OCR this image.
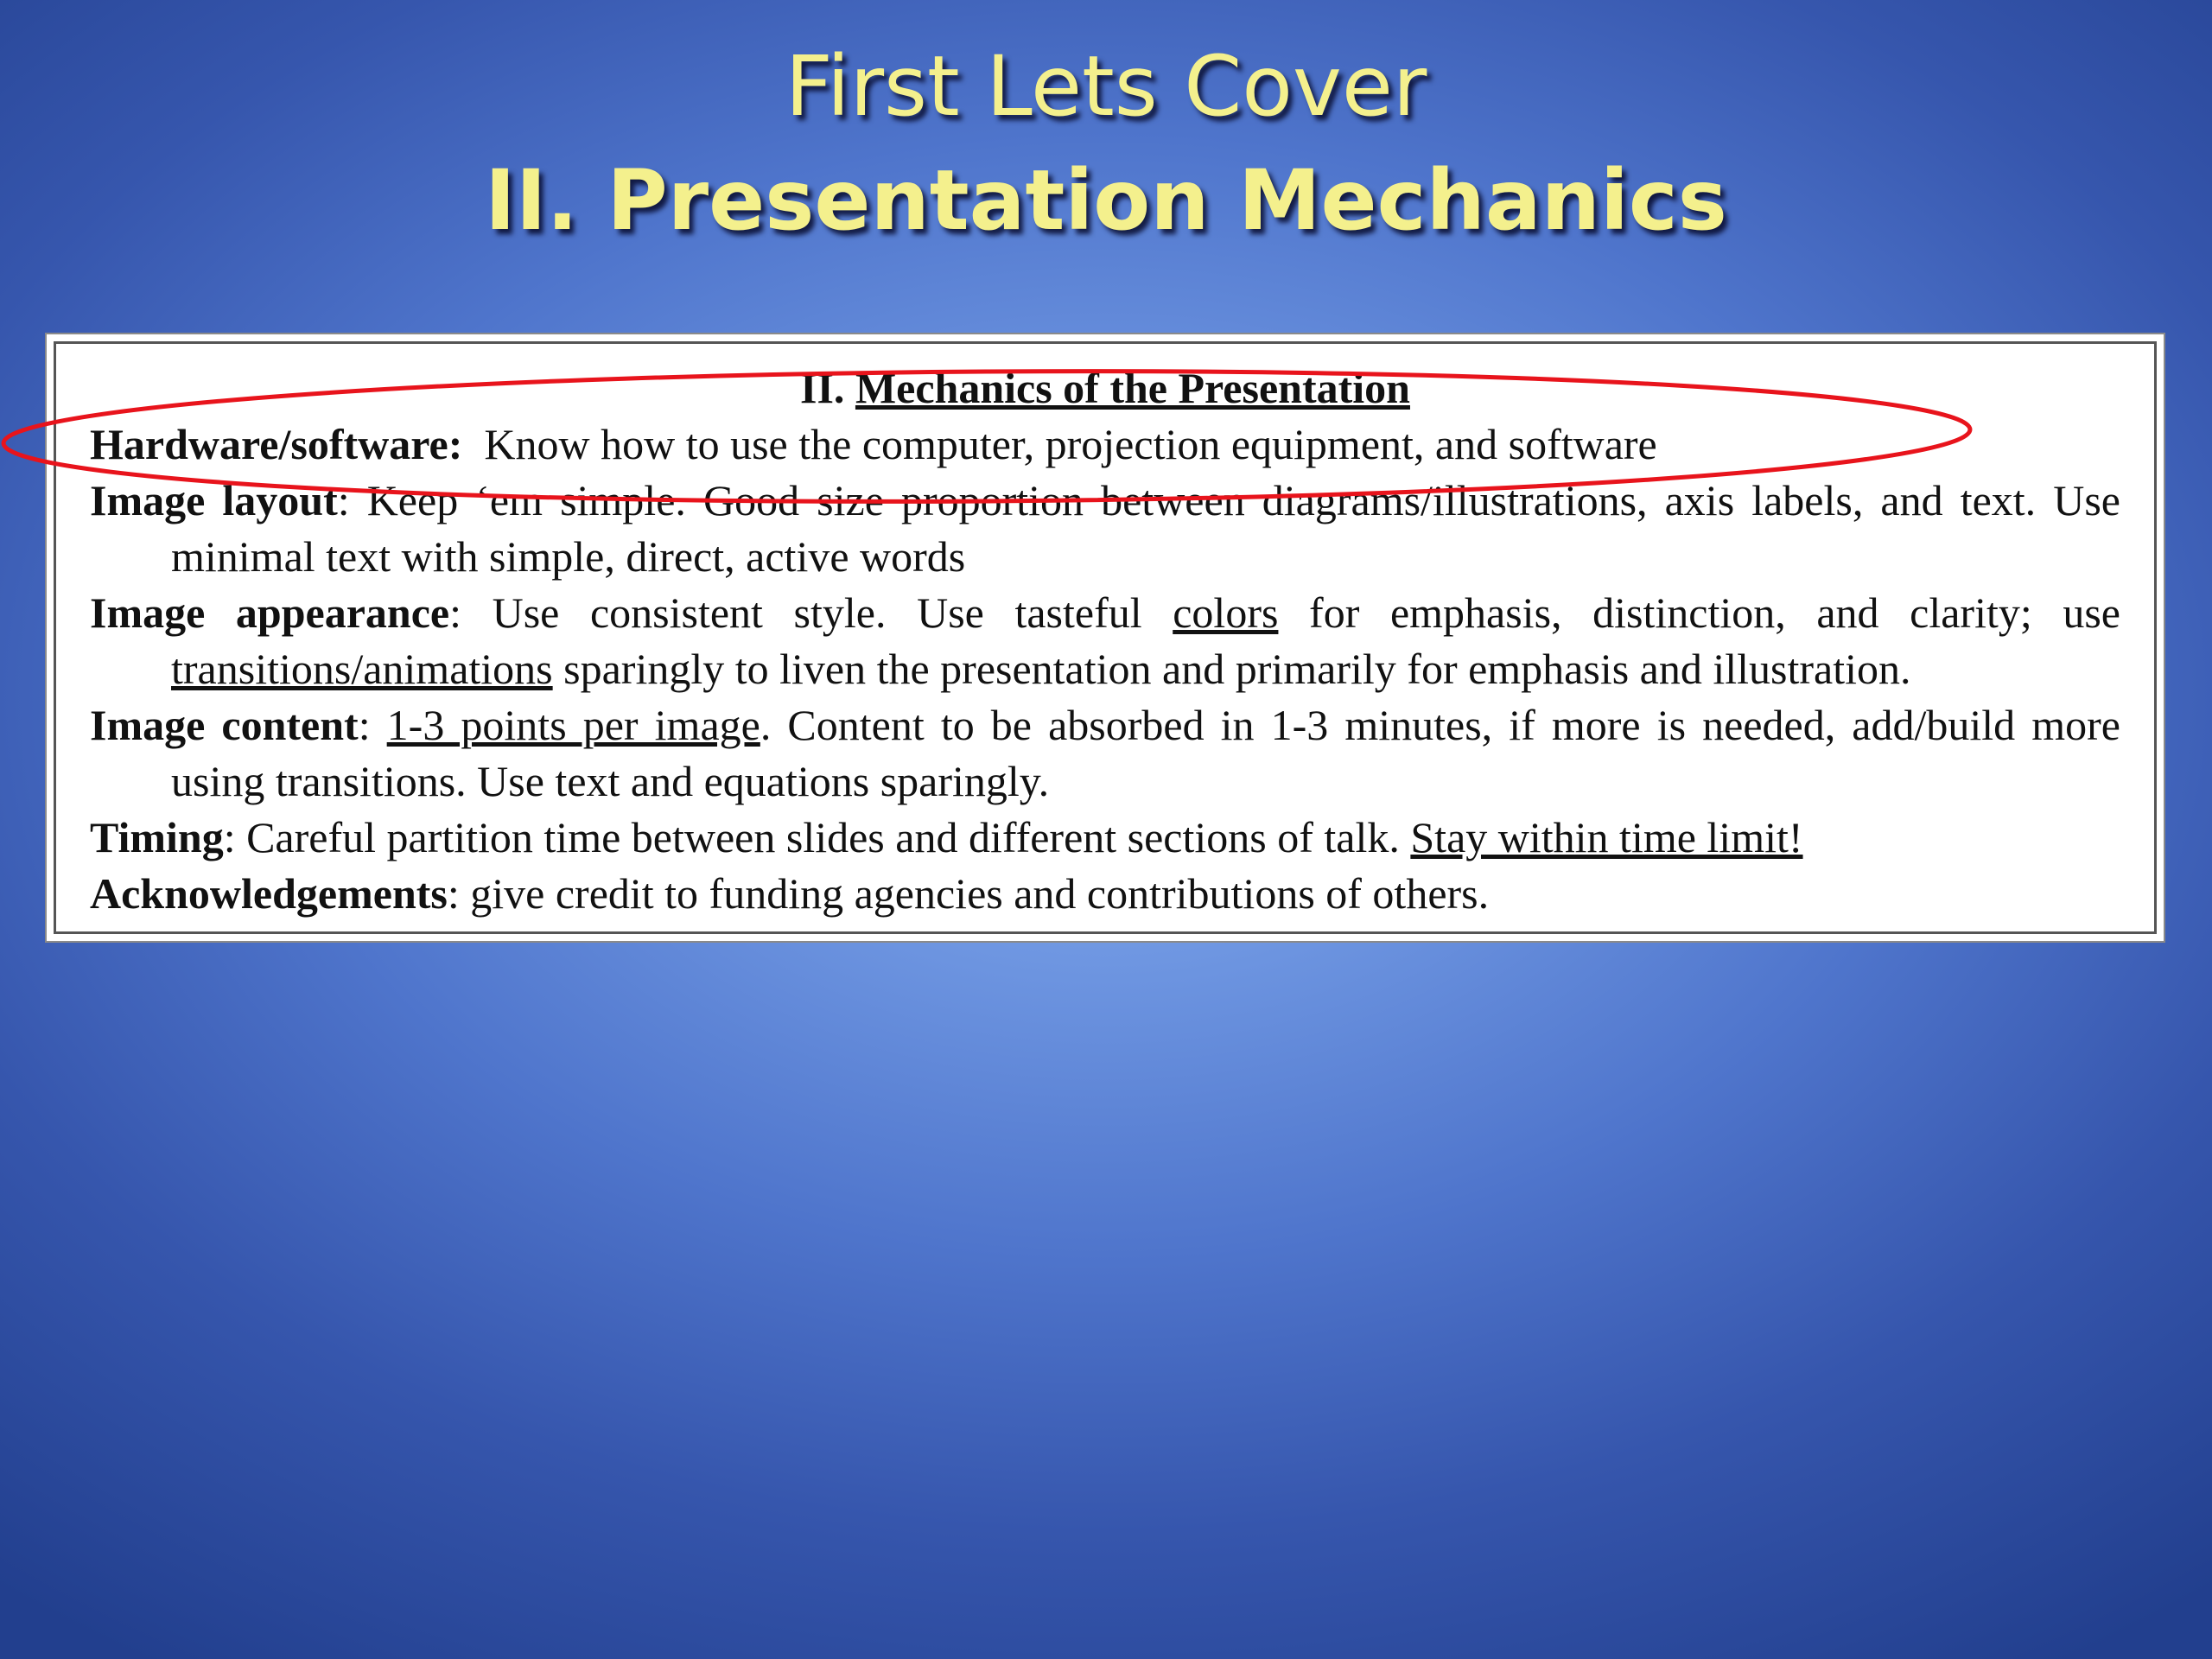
First Lets Cover
II. Presentation Mechanics
II. Mechanics of the Presentation
Hardware/software: Know how to use the computer, projection equipment, and software
Image layout: Keep ‘em simple. Good size proportion between diagrams/illustrations, axis labels, and text. Use minimal text with simple, direct, active words
Image appearance: Use consistent style. Use tasteful colors for emphasis, distinction, and clarity; use transitions/animations sparingly to liven the presentation and primarily for emphasis and illustration.
Image content: 1-3 points per image. Content to be absorbed in 1-3 minutes, if more is needed, add/build more using transitions. Use text and equations sparingly.
Timing: Careful partition time between slides and different sections of talk. Stay within time limit!
Acknowledgements: give credit to funding agencies and contributions of others.
